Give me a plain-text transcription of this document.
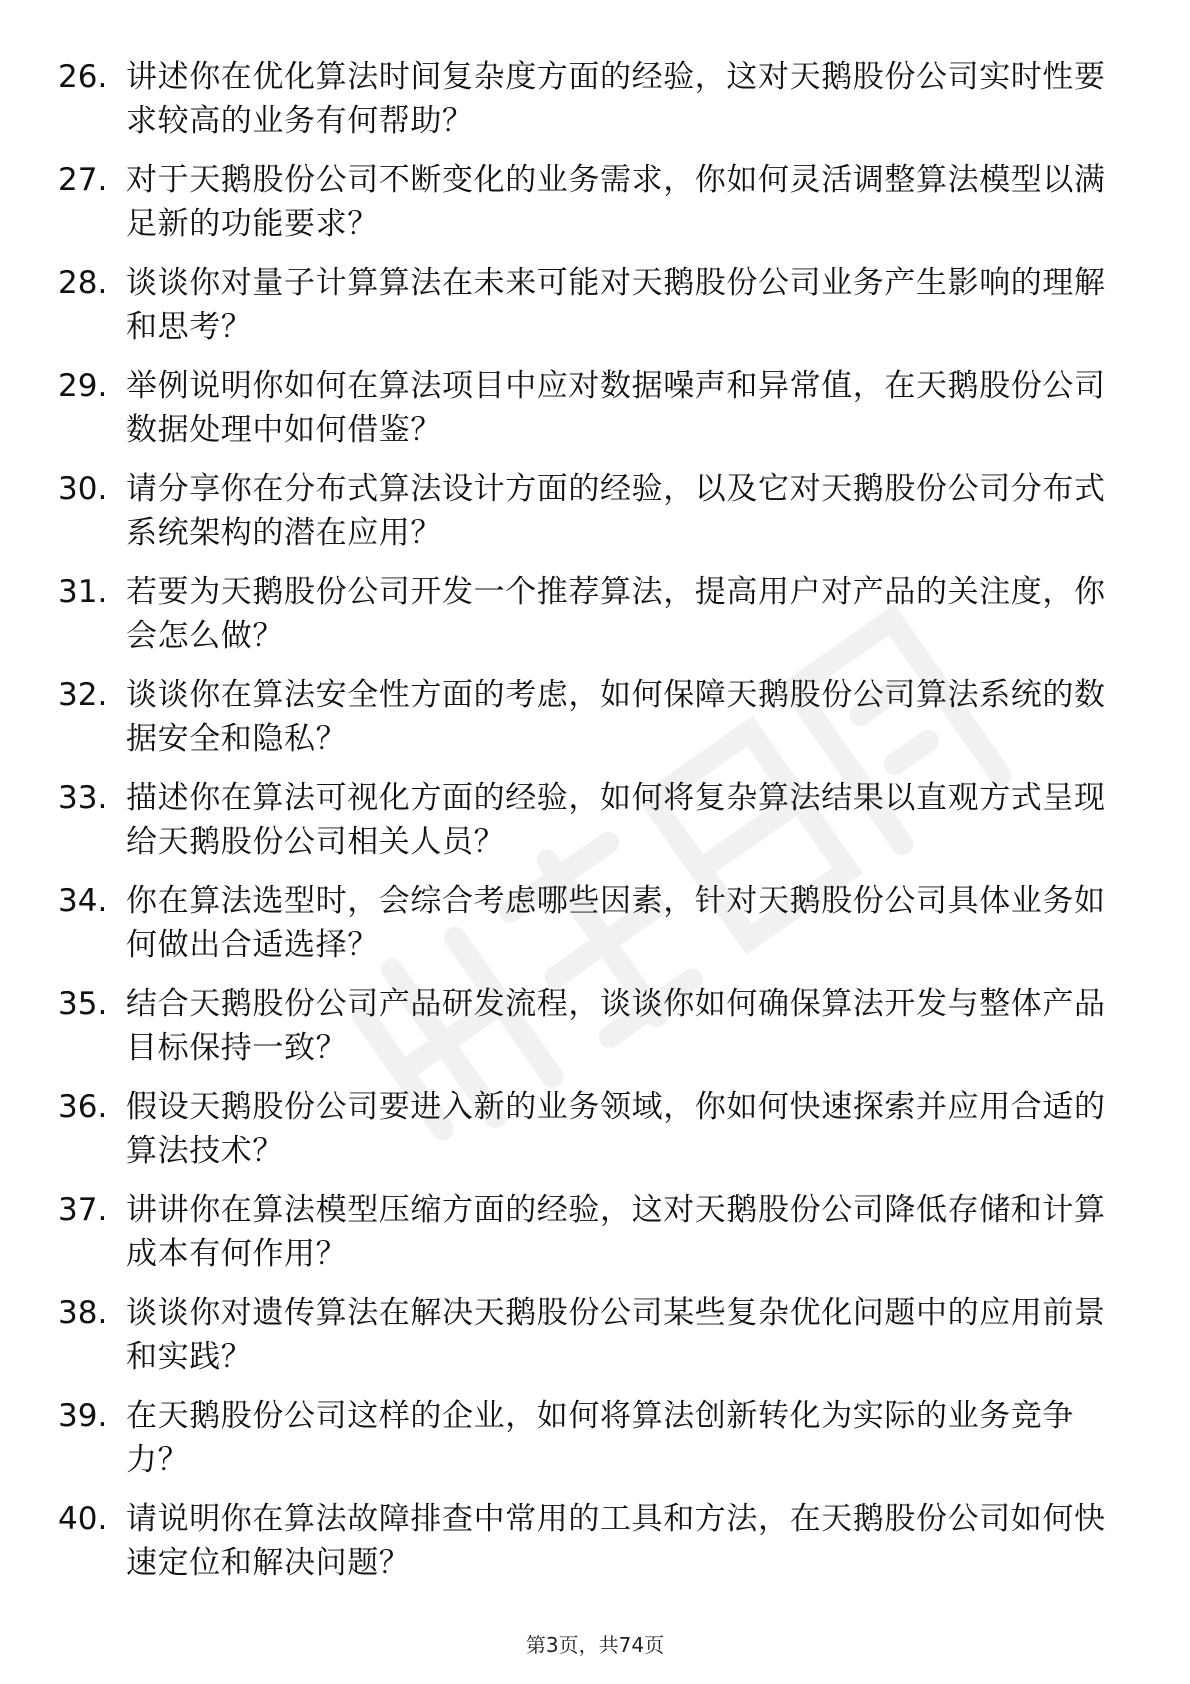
26. 讲述你在优化算法时间复杂度方面的经验，这对天鹅股份公司实时性要求较高的业务有何帮助？
27. 对于天鹅股份公司不断变化的业务需求，你如何灵活调整算法模型以满足新的功能要求？
28. 谈谈你对量子计算算法在未来可能对天鹅股份公司业务产生影响的理解和思考？
29. 举例说明你如何在算法项目中应对数据噪声和异常值，在天鹅股份公司数据处理中如何借鉴？
30. 请分享你在分布式算法设计方面的经验，以及它对天鹅股份公司分布式系统架构的潜在应用？
31. 若要为天鹅股份公司开发一个推荐算法，提高用户对产品的关注度，你会怎么做？
32. 谈谈你在算法安全性方面的考虑，如何保障天鹅股份公司算法系统的数据安全和隐私？
33. 描述你在算法可视化方面的经验，如何将复杂算法结果以直观方式呈现给天鹅股份公司相关人员？
34. 你在算法选型时，会综合考虑哪些因素，针对天鹅股份公司具体业务如何做出合适选择？
35. 结合天鹅股份公司产品研发流程，谈谈你如何确保算法开发与整体产品目标保持一致？
36. 假设天鹅股份公司要进入新的业务领域，你如何快速探索并应用合适的算法技术？
37. 讲讲你在算法模型压缩方面的经验，这对天鹅股份公司降低存储和计算成本有何作用？
38. 谈谈你对遗传算法在解决天鹅股份公司某些复杂优化问题中的应用前景和实践？
39. 在天鹅股份公司这样的企业，如何将算法创新转化为实际的业务竞争力？
40. 请说明你在算法故障排查中常用的工具和方法，在天鹅股份公司如何快速定位和解决问题？
第3页，共74页
